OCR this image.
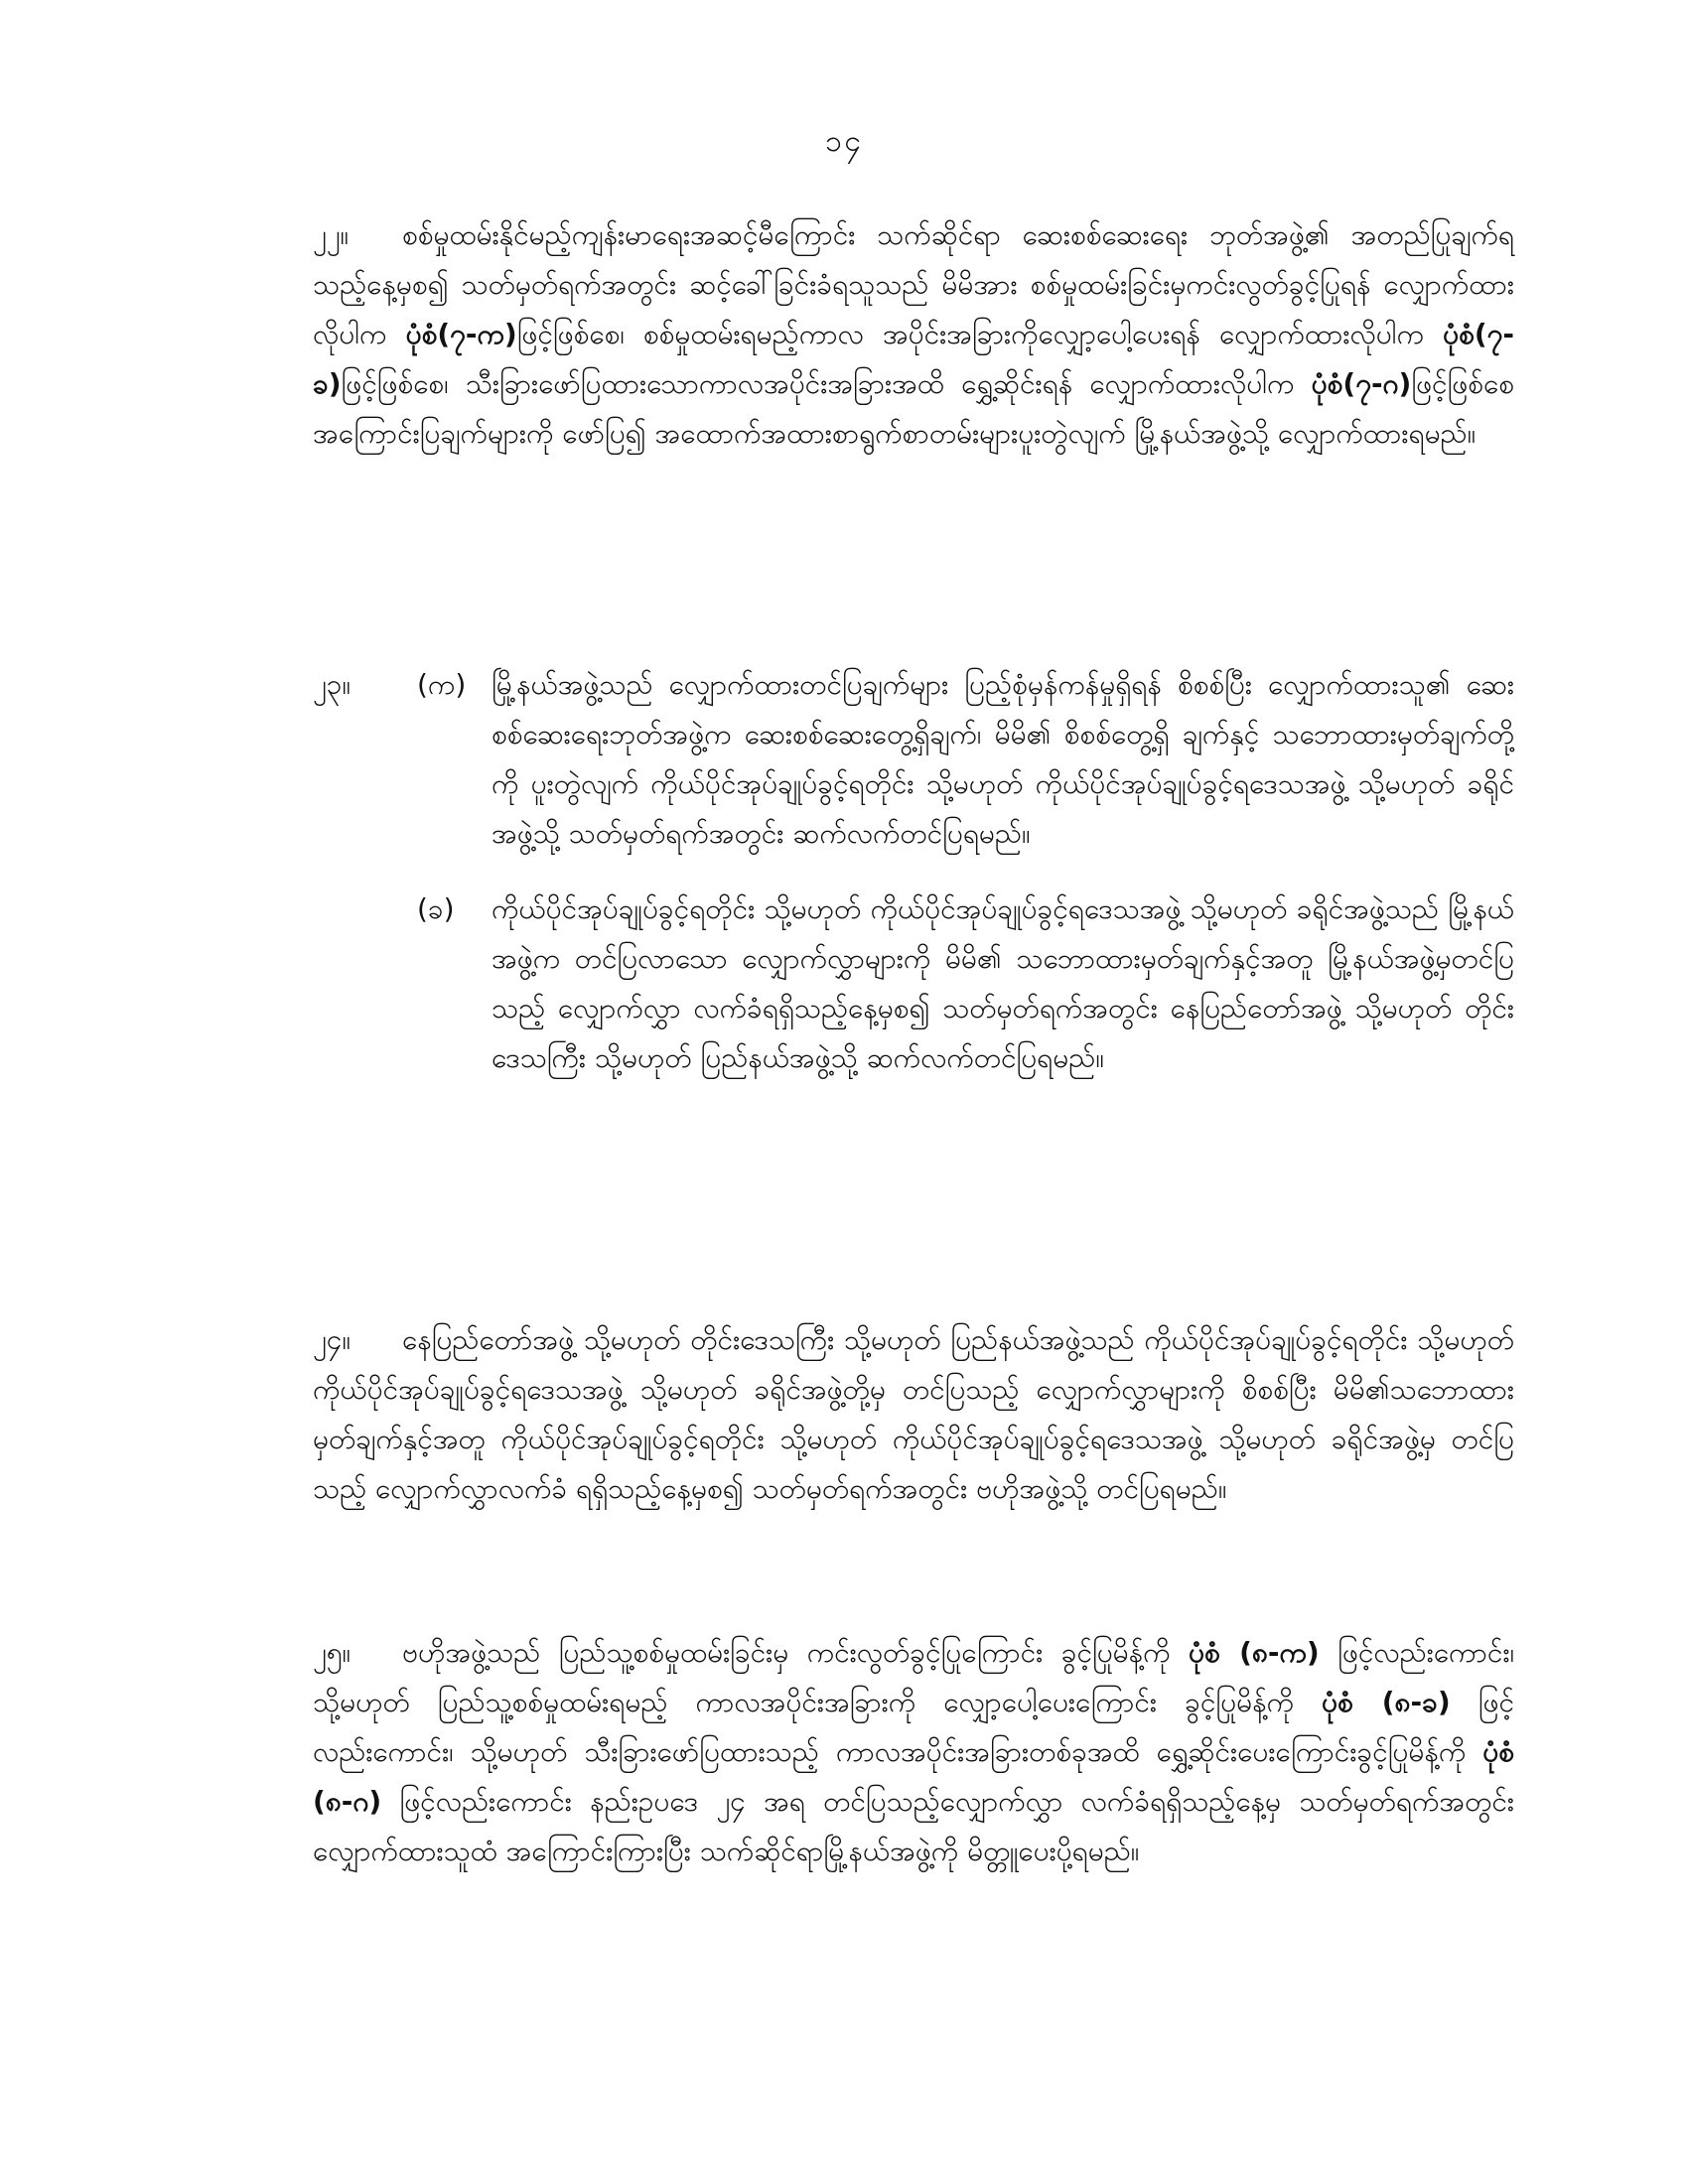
၁၄
၂၂။ စစ်မှုထမ်းနိုင်မည့်ကျန်းမာရေးအဆင့်မီကြောင်း သက်ဆိုင်ရာ ဆေးစစ်ဆေးရေး ဘုတ်အဖွဲ့၏ အတည်ပြုချက်ရသည့်နေ့မှစ၍ သတ်မှတ်ရက်အတွင်း ဆင့်ခေါ်ခြင်းခံရသူသည် မိမိအား စစ်မှုထမ်းခြင်းမှကင်းလွတ်ခွင့်ပြုရန် လျှောက်ထားလိုပါက ပုံစံ(၇-က)ဖြင့်ဖြစ်စေ၊ စစ်မှုထမ်းရမည့်ကာလ အပိုင်းအခြားကိုလျှော့ပေါ့ပေးရန် လျှောက်ထားလိုပါက ပုံစံ(၇-ခ)ဖြင့်ဖြစ်စေ၊ သီးခြားဖော်ပြထားသောကာလအပိုင်းအခြားအထိ ရွှေ့ဆိုင်းရန် လျှောက်ထားလိုပါက ပုံစံ(၇-ဂ)ဖြင့်ဖြစ်စေ အကြောင်းပြချက်များကို ဖော်ပြ၍ အထောက်အထားစာရွက်စာတမ်းများပူးတွဲလျက် မြို့နယ်အဖွဲ့သို့ လျှောက်ထားရမည်။
၂၃။	(က) မြို့နယ်အဖွဲ့သည် လျှောက်ထားတင်ပြချက်များ ပြည့်စုံမှန်ကန်မှုရှိရန် စိစစ်ပြီး လျှောက်ထားသူ၏ ဆေးစစ်ဆေးရေးဘုတ်အဖွဲ့က ဆေးစစ်ဆေးတွေ့ရှိချက်၊ မိမိ၏ စိစစ်တွေ့ရှိ ချက်နှင့် သဘောထားမှတ်ချက်တို့ကို ပူးတွဲလျက် ကိုယ်ပိုင်အုပ်ချုပ်ခွင့်ရတိုင်း သို့မဟုတ် ကိုယ်ပိုင်အုပ်ချုပ်ခွင့်ရဒေသအဖွဲ့ သို့မဟုတ် ခရိုင်အဖွဲ့သို့ သတ်မှတ်ရက်အတွင်း ဆက်လက်တင်ပြရမည်။
(ခ)	ကိုယ်ပိုင်အုပ်ချုပ်ခွင့်ရတိုင်း သို့မဟုတ် ကိုယ်ပိုင်အုပ်ချုပ်ခွင့်ရဒေသအဖွဲ့ သို့မဟုတ် ခရိုင်အဖွဲ့သည် မြို့နယ်အဖွဲ့က တင်ပြလာသော လျှောက်လွှာများကို မိမိ၏ သဘောထားမှတ်ချက်နှင့်အတူ မြို့နယ်အဖွဲ့မှတင်ပြသည့် လျှောက်လွှာ လက်ခံရရှိသည့်နေ့မှစ၍ သတ်မှတ်ရက်အတွင်း နေပြည်တော်အဖွဲ့ သို့မဟုတ် တိုင်းဒေသကြီး သို့မဟုတ် ပြည်နယ်အဖွဲ့သို့ ဆက်လက်တင်ပြရမည်။
၂၄။ နေပြည်တော်အဖွဲ့ သို့မဟုတ် တိုင်းဒေသကြီး သို့မဟုတ် ပြည်နယ်အဖွဲ့သည် ကိုယ်ပိုင်အုပ်ချုပ်ခွင့်ရတိုင်း သို့မဟုတ် ကိုယ်ပိုင်အုပ်ချုပ်ခွင့်ရဒေသအဖွဲ့ သို့မဟုတ် ခရိုင်အဖွဲ့တို့မှ တင်ပြသည့် လျှောက်လွှာများကို စိစစ်ပြီး မိမိ၏သဘောထားမှတ်ချက်နှင့်အတူ ကိုယ်ပိုင်အုပ်ချုပ်ခွင့်ရတိုင်း သို့မဟုတ် ကိုယ်ပိုင်အုပ်ချုပ်ခွင့်ရဒေသအဖွဲ့ သို့မဟုတ် ခရိုင်အဖွဲ့မှ တင်ပြသည့် လျှောက်လွှာလက်ခံ ရရှိသည့်နေ့မှစ၍ သတ်မှတ်ရက်အတွင်း ဗဟိုအဖွဲ့သို့ တင်ပြရမည်။
၂၅။ ဗဟိုအဖွဲ့သည် ပြည်သူ့စစ်မှုထမ်းခြင်းမှ ကင်းလွတ်ခွင့်ပြုကြောင်း ခွင့်ပြုမိန့်ကို ပုံစံ (၈-က) ဖြင့်လည်းကောင်း၊ သို့မဟုတ် ပြည်သူ့စစ်မှုထမ်းရမည့် ကာလအပိုင်းအခြားကို လျှော့ပေါ့ပေးကြောင်း ခွင့်ပြုမိန့်ကို ပုံစံ (၈-ခ) ဖြင့်လည်းကောင်း၊ သို့မဟုတ် သီးခြားဖော်ပြထားသည့် ကာလအပိုင်းအခြားတစ်ခုအထိ ရွှေ့ဆိုင်းပေးကြောင်းခွင့်ပြုမိန့်ကို ပုံစံ (၈-ဂ) ဖြင့်လည်းကောင်း နည်းဥပဒေ ၂၄ အရ တင်ပြသည့်လျှောက်လွှာ လက်ခံရရှိသည့်နေ့မှ သတ်မှတ်ရက်အတွင်း လျှောက်ထားသူထံ အကြောင်းကြားပြီး သက်ဆိုင်ရာမြို့နယ်အဖွဲ့ကို မိတ္တူပေးပို့ရမည်။
